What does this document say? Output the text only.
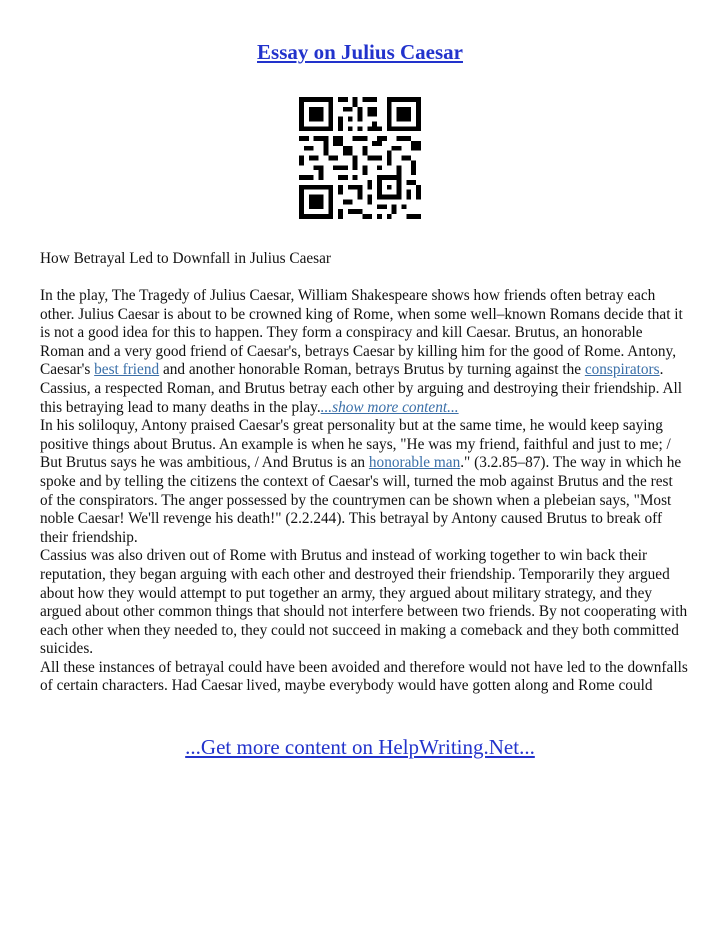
Essay on Julius Caesar
How Betrayal Led to Downfall in Julius Caesar

In the play, The Tragedy of Julius Caesar, William Shakespeare shows how friends often betray each other. Julius Caesar is about to be crowned king of Rome, when some well–known Romans decide that it is not a good idea for this to happen. They form a conspiracy and kill Caesar. Brutus, an honorable Roman and a very good friend of Caesar's, betrays Caesar by killing him for the good of Rome. Antony, Caesar's best friend and another honorable Roman, betrays Brutus by turning against the conspirators. Cassius, a respected Roman, and Brutus betray each other by arguing and destroying their friendship. All this betraying lead to many deaths in the play....show more content...

In his soliloquy, Antony praised Caesar's great personality but at the same time, he would keep saying positive things about Brutus. An example is when he says, "He was my friend, faithful and just to me; / But Brutus says he was ambitious, / And Brutus is an honorable man." (3.2.85–87). The way in which he spoke and by telling the citizens the context of Caesar's will, turned the mob against Brutus and the rest of the conspirators. The anger possessed by the countrymen can be shown when a plebeian says, "Most noble Caesar! We'll revenge his death!" (2.2.244). This betrayal by Antony caused Brutus to break off their friendship.

Cassius was also driven out of Rome with Brutus and instead of working together to win back their reputation, they began arguing with each other and destroyed their friendship. Temporarily they argued about how they would attempt to put together an army, they argued about military strategy, and they argued about other common things that should not interfere between two friends. By not cooperating with each other when they needed to, they could not succeed in making a comeback and they both committed suicides.

All these instances of betrayal could have been avoided and therefore would not have led to the downfalls of certain characters. Had Caesar lived, maybe everybody would have gotten along and Rome could

...Get more content on HelpWriting.Net...
